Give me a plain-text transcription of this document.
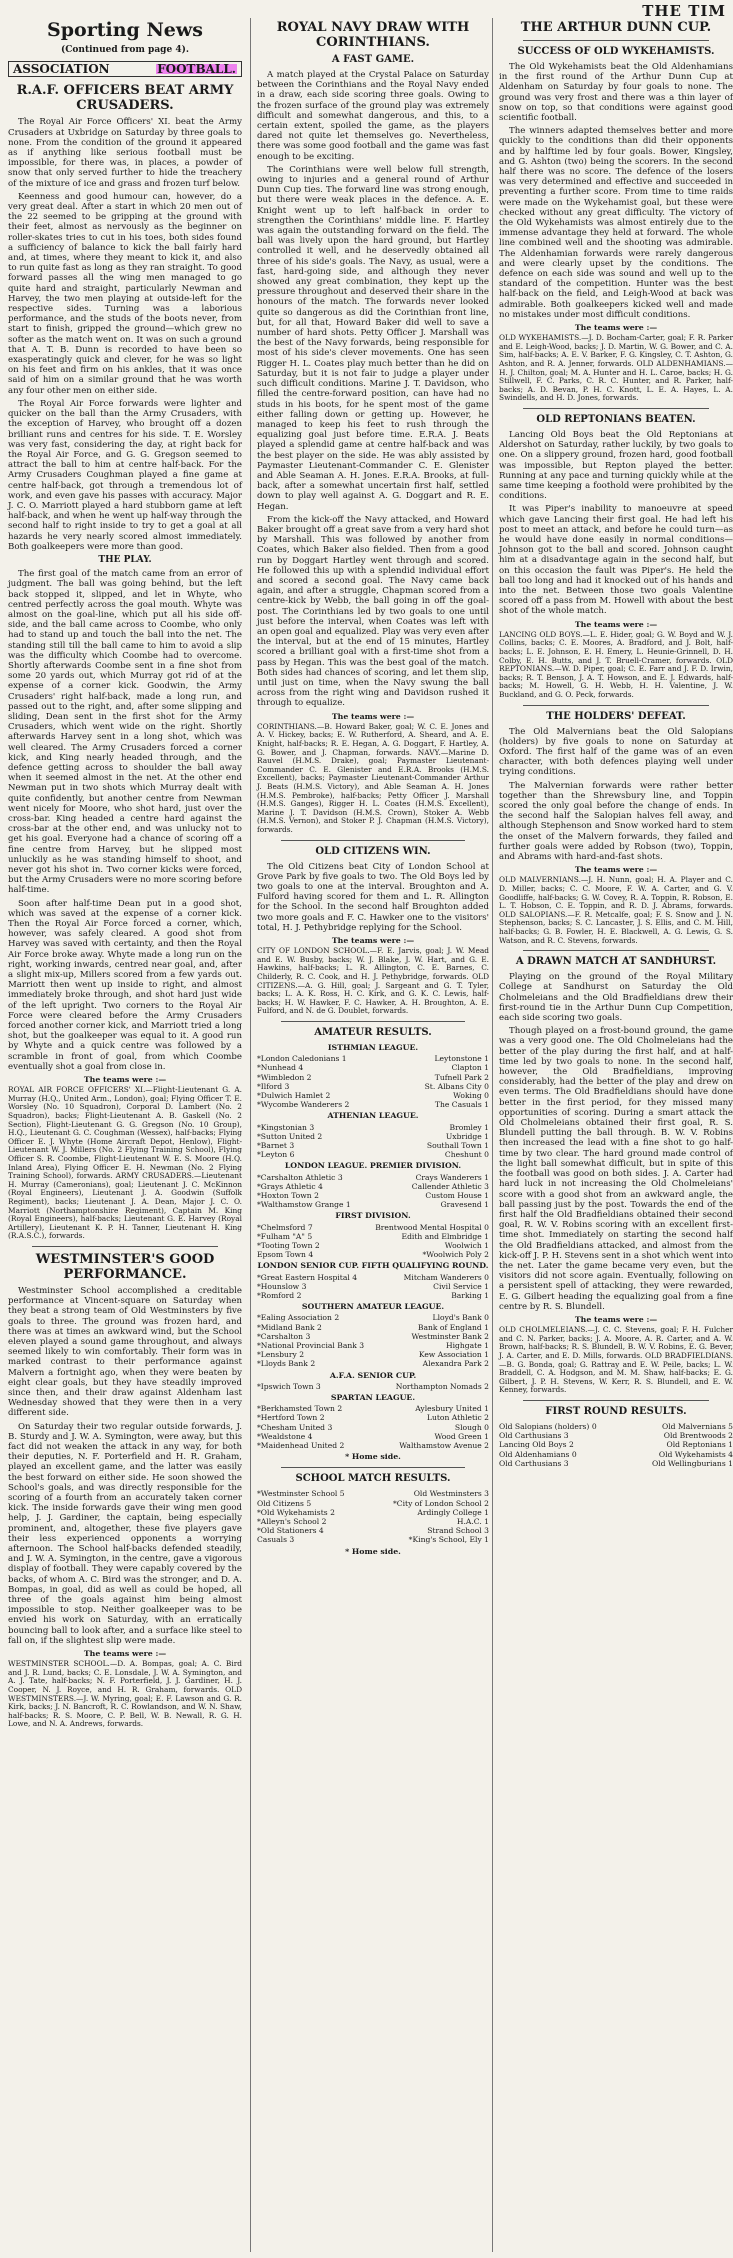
THE TIM
Sporting News
(Continued from page 4).
ASSOCIATION	FOOTBALL.
R.A.F. OFFICERS BEAT ARMY CRUSADERS.

The Royal Air Force Officers' XI. beat the Army Crusaders at Uxbridge on Saturday by three goals to none. From the condition of the ground it appeared as if anything like serious football must be impossible, for there was, in places, a powder of snow that only served further to hide the treachery of the mixture of ice and grass and frozen turf below.

Keenness and good humour can, however, do a very great deal. After a start in which 20 men out of the 22 seemed to be gripping at the ground with their feet, almost as nervously as the beginner on roller-skates tries to cut in his toes, both sides found a sufficiency of balance to kick the ball fairly hard and, at times, where they meant to kick it, and also to run quite fast as long as they ran straight. To good forward passes all the wing men managed to go quite hard and straight, particularly Newman and Harvey, the two men playing at outside-left for the respective sides. Turning was a laborious performance, and the studs of the boots never, from start to finish, gripped the ground—which grew no softer as the match went on. It was on such a ground that A. T. B. Dunn is recorded to have been so exasperatingly quick and clever, for he was so light on his feet and firm on his ankles, that it was once said of him on a similar ground that he was worth any four other men on either side.

The Royal Air Force forwards were lighter and quicker on the ball than the Army Crusaders, with the exception of Harvey, who brought off a dozen brilliant runs and centres for his side. T. E. Worsley was very fast, considering the day, at right back for the Royal Air Force, and G. G. Gregson seemed to attract the ball to him at centre half-back. For the Army Crusaders Coughman played a fine game at centre half-back, got through a tremendous lot of work, and even gave his passes with accuracy. Major J. C. O. Marriott played a hard stubborn game at left half-back, and when he went up half-way through the second half to right inside to try to get a goal at all hazards he very nearly scored almost immediately. Both goalkeepers were more than good.

THE PLAY.

The first goal of the match came from an error of judgment. The ball was going behind, but the left back stopped it, slipped, and let in Whyte, who centred perfectly across the goal mouth. Whyte was almost on the goal-line, which put all his side off-side, and the ball came across to Coombe, who only had to stand up and touch the ball into the net. The standing still till the ball came to him to avoid a slip was the difficulty which Coombe had to overcome. Shortly afterwards Coombe sent in a fine shot from some 20 yards out, which Murray got rid of at the expense of a corner kick. Goodwin, the Army Crusaders' right half-back, made a long run, and passed out to the right, and, after some slipping and sliding, Dean sent in the first shot for the Army Crusaders, which went wide on the right. Shortly afterwards Harvey sent in a long shot, which was well cleared. The Army Crusaders forced a corner kick, and King nearly headed through, and the defence getting across to shoulder the ball away when it seemed almost in the net. At the other end Newman put in two shots which Murray dealt with quite confidently, but another centre from Newman went nicely for Moore, who shot hard, just over the cross-bar. King headed a centre hard against the cross-bar at the other end, and was unlucky not to get his goal. Everyone had a chance of scoring off a fine centre from Harvey, but he slipped most unluckily as he was standing himself to shoot, and never got his shot in. Two corner kicks were forced, but the Army Crusaders were no more scoring before half-time.

Soon after half-time Dean put in a good shot, which was saved at the expense of a corner kick. Then the Royal Air Force forced a corner, which, however, was safely cleared. A good shot from Harvey was saved with certainty, and then the Royal Air Force broke away. Whyte made a long run on the right, working inwards, centred near goal, and, after a slight mix-up, Millers scored from a few yards out. Marriott then went up inside to right, and almost immediately broke through, and shot hard just wide of the left upright. Two corners to the Royal Air Force were cleared before the Army Crusaders forced another corner kick, and Marriott tried a long shot, but the goalkeeper was equal to it. A good run by Whyte and a quick centre was followed by a scramble in front of goal, from which Coombe eventually shot a goal from close in.

The teams were :—
ROYAL AIR FORCE OFFICERS' XI.—Flight-Lieutenant G. A. Murray (H.Q., United Arm., London), goal; Flying Officer T. E. Worsley (No. 10 Squadron), Corporal D. Lambert (No. 2 Squadron), backs; Flight-Lieutenant A. B. Gaskell (No. 2 Section), Flight-Lieutenant G. G. Gregson (No. 10 Group), H.Q., Lieutenant G. C. Coughman (Wessex), half-backs; Flying Officer E. J. Whyte (Home Aircraft Depot, Henlow), Flight-Lieutenant W. J. Millers (No. 2 Flying Training School), Flying Officer S. R. Coombe, Flight-Lieutenant W. E. S. Moore (H.Q. Inland Area), Flying Officer E. H. Newman (No. 2 Flying Training School), forwards. ARMY CRUSADERS.—Lieutenant H. Murray (Cameronians), goal; Lieutenant J. C. McKinnon (Royal Engineers), Lieutenant J. A. Goodwin (Suffolk Regiment), backs; Lieutenant J. A. Dean, Major J. C. O. Marriott (Northamptonshire Regiment), Captain M. King (Royal Engineers), half-backs; Lieutenant G. E. Harvey (Royal Artillery), Lieutenant K. P. H. Tanner, Lieutenant H. King (R.A.S.C.), forwards.
WESTMINSTER'S GOOD PERFORMANCE.

Westminster School accomplished a creditable performance at Vincent-square on Saturday when they beat a strong team of Old Westminsters by five goals to three. The ground was frozen hard, and there was at times an awkward wind, but the School eleven played a sound game throughout, and always seemed likely to win comfortably. Their form was in marked contrast to their performance against Malvern a fortnight ago, when they were beaten by eight clear goals, but they have steadily improved since then, and their draw against Aldenham last Wednesday showed that they were then in a very different side.

On Saturday their two regular outside forwards, J. B. Sturdy and J. W. A. Symington, were away, but this fact did not weaken the attack in any way, for both their deputies, N. F. Porterfield and H. R. Graham, played an excellent game, and the latter was easily the best forward on either side. He soon showed the School's goals, and was directly responsible for the scoring of a fourth from an accurately taken corner kick. The inside forwards gave their wing men good help, J. J. Gardiner, the captain, being especially prominent, and, altogether, these five players gave their less experienced opponents a worrying afternoon. The School half-backs defended steadily, and J. W. A. Symington, in the centre, gave a vigorous display of football. They were capably covered by the backs, of whom A. C. Bird was the stronger, and D. A. Bompas, in goal, did as well as could be hoped, all three of the goals against him being almost impossible to stop. Neither goalkeeper was to be envied his work on Saturday, with an erratically bouncing ball to look after, and a surface like steel to fall on, if the slightest slip were made.

The teams were :—
WESTMINSTER SCHOOL.—D. A. Bompas, goal; A. C. Bird and J. R. Lund, backs; C. E. Lonsdale, J. W. A. Symington, and A. J. Tate, half-backs; N. F. Porterfield, J. J. Gardiner, H. J. Cooper, N. J. Royce, and H. R. Graham, forwards. OLD WESTMINSTERS.—J. W. Myring, goal; E. F. Lawson and G. R. Kirk, backs; J. N. Bancroft, R. C. Rowlandson, and W. N. Shaw, half-backs; R. S. Moore, C. P. Bell, W. B. Newall, R. G. H. Lowe, and N. A. Andrews, forwards.
ROYAL NAVY DRAW WITH CORINTHIANS.
A FAST GAME.

A match played at the Crystal Palace on Saturday between the Corinthians and the Royal Navy ended in a draw, each side scoring three goals. Owing to the frozen surface of the ground play was extremely difficult and somewhat dangerous, and this, to a certain extent, spoiled the game, as the players dared not quite let themselves go. Nevertheless, there was some good football and the game was fast enough to be exciting.

The Corinthians were well below full strength, owing to injuries and a general round of Arthur Dunn Cup ties. The forward line was strong enough, but there were weak places in the defence. A. E. Knight went up to left half-back in order to strengthen the Corinthians' middle line. F. Hartley was again the outstanding forward on the field. The ball was lively upon the hard ground, but Hartley controlled it well, and he deservedly obtained all three of his side's goals. The Navy, as usual, were a fast, hard-going side, and although they never showed any great combination, they kept up the pressure throughout and deserved their share in the honours of the match. The forwards never looked quite so dangerous as did the Corinthian front line, but, for all that, Howard Baker did well to save a number of hard shots. Petty Officer J. Marshall was the best of the Navy forwards, being responsible for most of his side's clever movements. One has seen Rigger H. L. Coates play much better than he did on Saturday, but it is not fair to judge a player under such difficult conditions. Marine J. T. Davidson, who filled the centre-forward position, can have had no studs in his boots, for he spent most of the game either falling down or getting up. However, he managed to keep his feet to rush through the equalizing goal just before time. E.R.A. J. Beats played a splendid game at centre half-back and was the best player on the side. He was ably assisted by Paymaster Lieutenant-Commander C. E. Glenister and Able Seaman A. H. Jones. E.R.A. Brooks, at full-back, after a somewhat uncertain first half, settled down to play well against A. G. Doggart and R. E. Hegan.

From the kick-off the Navy attacked, and Howard Baker brought off a great save from a very hard shot by Marshall. This was followed by another from Coates, which Baker also fielded. Then from a good run by Doggart Hartley went through and scored. He followed this up with a splendid individual effort and scored a second goal. The Navy came back again, and after a struggle, Chapman scored from a centre-kick by Webb, the ball going in off the goal-post. The Corinthians led by two goals to one until just before the interval, when Coates was left with an open goal and equalized. Play was very even after the interval, but at the end of 15 minutes, Hartley scored a brilliant goal with a first-time shot from a pass by Hegan. This was the best goal of the match. Both sides had chances of scoring, and let them slip, until just on time, when the Navy swung the ball across from the right wing and Davidson rushed it through to equalize.

The teams were :—
CORINTHIANS.—B. Howard Baker, goal; W. C. E. Jones and A. V. Hickey, backs; E. W. Rutherford, A. Sheard, and A. E. Knight, half-backs; R. E. Hegan, A. G. Doggart, F. Hartley, A. G. Bower, and J. Chapman, forwards. NAVY.—Marine D. Rauvel (H.M.S. Drake), goal; Paymaster Lieutenant-Commander C. E. Glenister and E.R.A. Brooks (H.M.S. Excellent), backs; Paymaster Lieutenant-Commander Arthur J. Beats (H.M.S. Victory), and Able Seaman A. H. Jones (H.M.S. Pembroke), half-backs; Petty Officer J. Marshall (H.M.S. Ganges), Rigger H. L. Coates (H.M.S. Excellent), Marine J. T. Davidson (H.M.S. Crown), Stoker A. Webb (H.M.S. Vernon), and Stoker P. J. Chapman (H.M.S. Victory), forwards.
OLD CITIZENS WIN.

The Old Citizens beat City of London School at Grove Park by five goals to two. The Old Boys led by two goals to one at the interval. Broughton and A. Fulford having scored for them and L. R. Allington for the School. In the second half Broughton added two more goals and F. C. Hawker one to the visitors' total, H. J. Pethybridge replying for the School.

The teams were :—
CITY OF LONDON SCHOOL.—F. E. Jarvis, goal; J. W. Mead and E. W. Busby, backs; W. J. Blake, J. W. Hart, and G. E. Hawkins, half-backs; L. R. Allington, C. E. Barnes, C. Childerly, R. C. Cook, and H. J. Pethybridge, forwards. OLD CITIZENS.—A. G. Hill, goal; J. Sargeant and G. T. Tyler, backs; L. A. K. Ross, H. C. Kirk, and G. K. C. Lewis, half-backs; H. W. Hawker, F. C. Hawker, A. H. Broughton, A. E. Fulford, and N. de G. Doublet, forwards.
AMATEUR RESULTS.
ISTHMIAN LEAGUE.
*London Caledonians 1	Leytonstone 1
*Nunhead 4	Clapton 1
*Wimbledon 2	Tufnell Park 2
*Ilford 3	St. Albans City 0
*Dulwich Hamlet 2	Woking 0
*Wycombe Wanderers 2	The Casuals 1
ATHENIAN LEAGUE.
*Kingstonian 3	Bromley 1
*Sutton United 2	Uxbridge 1
*Barnet 3	Southall Town 1
*Leyton 6	Cheshunt 0
LONDON LEAGUE. PREMIER DIVISION.
*Carshalton Athletic 3	Crays Wanderers 1
*Grays Athletic 4	Callender Athletic 3
*Hoxton Town 2	Custom House 1
*Walthamstow Grange 1	Gravesend 1
FIRST DIVISION.
*Chelmsford 7	Brentwood Mental Hospital 0
*Fulham "A" 5	Edith and Elmbridge 1
*Tooting Town 2	Woolwich 1
Epsom Town 4	*Woolwich Poly 2
LONDON SENIOR CUP. FIFTH QUALIFYING ROUND.
*Great Eastern Hospital 4	Mitcham Wanderers 0
*Hounslow 3	Civil Service 1
*Romford 2	Barking 1
SOUTHERN AMATEUR LEAGUE.
*Ealing Association 2	Lloyd's Bank 0
*Midland Bank 2	Bank of England 1
*Carshalton 3	Westminster Bank 2
*National Provincial Bank 3	Highgate 1
*Lensbury 2	Kew Association 1
*Lloyds Bank 2	Alexandra Park 2
A.F.A. SENIOR CUP.
*Ipswich Town 3	Northampton Nomads 2
SPARTAN LEAGUE.
*Berkhamsted Town 2	Aylesbury United 1
*Hertford Town 2	Luton Athletic 2
*Chesham United 3	Slough 0
*Wealdstone 4	Wood Green 1
*Maidenhead United 2	Walthamstow Avenue 2
* Home side.
SCHOOL MATCH RESULTS.
*Westminster School 5	Old Westminsters 3
Old Citizens 5	*City of London School 2
*Old Wykehamists 2	Ardingly College 1
*Alleyn's School 2	H.A.C. 1
*Old Stationers 4	Strand School 3
Casuals 3	*King's School, Ely 1
* Home side.
THE ARTHUR DUNN CUP.
SUCCESS OF OLD WYKEHAMISTS.

The Old Wykehamists beat the Old Aldenhamians in the first round of the Arthur Dunn Cup at Aldenham on Saturday by four goals to none. The ground was very frost and there was a thin layer of snow on top, so that conditions were against good scientific football.

The winners adapted themselves better and more quickly to the conditions than did their opponents and by halftime led by four goals. Bower, Kingsley, and G. Ashton (two) being the scorers. In the second half there was no score. The defence of the losers was very determined and effective and succeeded in preventing a further score. From time to time raids were made on the Wykehamist goal, but these were checked without any great difficulty. The victory of the Old Wykehamists was almost entirely due to the immense advantage they held at forward. The whole line combined well and the shooting was admirable. The Aldenhamian forwards were rarely dangerous and were clearly upset by the conditions. The defence on each side was sound and well up to the standard of the competition. Hunter was the best half-back on the field, and Leigh-Wood at back was admirable. Both goalkeepers kicked well and made no mistakes under most difficult conditions.

The teams were :—
OLD WYKEHAMISTS.—J. D. Bocham-Carter, goal; F. R. Parker and E. Leigh-Wood, backs; J. D. Martin, W. G. Bower, and C. A. Sim, half-backs; A. E. V. Barker, F. G. Kingsley, C. T. Ashton, G. Ashton, and R. A. Jenner, forwards. OLD ALDENHAMIANS.—H. J. Chilton, goal; M. A. Hunter and H. L. Caroe, backs; H. G. Stillwell, F. C. Parks, C. R. C. Hunter, and R. Parker, half-backs; A. D. Bevan, P. H. C. Knott, L. E. A. Hayes, L. A. Swindells, and H. D. Jones, forwards.
OLD REPTONIANS BEATEN.

Lancing Old Boys beat the Old Reptonians at Aldershot on Saturday, rather luckily, by two goals to one. On a slippery ground, frozen hard, good football was impossible, but Repton played the better. Running at any pace and turning quickly while at the same time keeping a foothold were prohibited by the conditions.

It was Piper's inability to manoeuvre at speed which gave Lancing their first goal. He had left his post to meet an attack, and before he could turn—as he would have done easily in normal conditions—Johnson got to the ball and scored. Johnson caught him at a disadvantage again in the second half, but on this occasion the fault was Piper's. He held the ball too long and had it knocked out of his hands and into the net. Between those two goals Valentine scored off a pass from M. Howell with about the best shot of the whole match.

The teams were :—
LANCING OLD BOYS.—L. E. Hider, goal; G. W. Boyd and W. J. Collins, backs; C. E. Moores, A. Bradford, and J. Bolt, half-backs; L. E. Johnson, E. H. Emery, L. Heunie-Grinnell, D. H. Colby, E. H. Butts, and J. T. Bruell-Cramer, forwards. OLD REPTONIANS.—W. D. Piper, goal; C. E. Farr and J. F. D. Irwin, backs; R. T. Benson, J. A. T. Howson, and E. J. Edwards, half-backs; M. Howell, G. H. Webb, H. H. Valentine, J. W. Buckland, and G. O. Peck, forwards.
THE HOLDERS' DEFEAT.

The Old Malvernians beat the Old Salopians (holders) by five goals to none on Saturday at Oxford. The first half of the game was of an even character, with both defences playing well under trying conditions.

The Malvernian forwards were rather better together than the Shrewsbury line, and Toppin scored the only goal before the change of ends. In the second half the Salopian halves fell away, and although Stephenson and Snow worked hard to stem the onset of the Malvern forwards, they failed and further goals were added by Robson (two), Toppin, and Abrams with hard-and-fast shots.

The teams were :—
OLD MALVERNIANS.—J. H. Nunn, goal; H. A. Player and C. D. Miller, backs; C. C. Moore, F. W. A. Carter, and G. V. Goodliffe, half-backs; G. W. Covey, R. A. Toppin, R. Robson, E. L. T. Hobson, C. E. Toppin, and R. D. J. Abrams, forwards. OLD SALOPIANS.—F. R. Metcalfe, goal; F. S. Snow and J. N. Stephenson, backs; S. C. Lancaster, J. S. Ellis, and C. M. Hill, half-backs; G. B. Fowler, H. E. Blackwell, A. G. Lewis, G. S. Watson, and R. C. Stevens, forwards.
A DRAWN MATCH AT SANDHURST.

Playing on the ground of the Royal Military College at Sandhurst on Saturday the Old Cholmeleians and the Old Bradfieldians drew their first-round tie in the Arthur Dunn Cup Competition, each side scoring two goals.

Though played on a frost-bound ground, the game was a very good one. The Old Cholmeleians had the better of the play during the first half, and at half-time led by two goals to none. In the second half, however, the Old Bradfieldians, improving considerably, had the better of the play and drew on even terms. The Old Bradfieldians should have done better in the first period, for they missed many opportunities of scoring. During a smart attack the Old Cholmeleians obtained their first goal, R. S. Blundell putting the ball through. B. W. V. Robins then increased the lead with a fine shot to go half-time by two clear. The hard ground made control of the light ball somewhat difficult, but in spite of this the football was good on both sides. J. A. Carter had hard luck in not increasing the Old Cholmeleians' score with a good shot from an awkward angle, the ball passing just by the post. Towards the end of the first half the Old Bradfieldians obtained their second goal, R. W. V. Robins scoring with an excellent first-time shot. Immediately on starting the second half the Old Bradfieldians attacked, and almost from the kick-off J. P. H. Stevens sent in a shot which went into the net. Later the game became very even, but the visitors did not score again. Eventually, following on a persistent spell of attacking, they were rewarded, E. G. Gilbert heading the equalizing goal from a fine centre by R. S. Blundell.

The teams were :—
OLD CHOLMELEIANS.—J. C. C. Stevens, goal; F. H. Fulcher and C. N. Parker, backs; J. A. Moore, A. R. Carter, and A. W. Brown, half-backs; R. S. Blundell, B. W. V. Robins, E. G. Bever, J. A. Carter, and E. D. Mills, forwards. OLD BRADFIELDIANS.—B. G. Bonda, goal; G. Rattray and E. W. Peile, backs; L. W. Braddell, C. A. Hodgson, and M. M. Shaw, half-backs; E. G. Gilbert, J. P. H. Stevens, W. Kerr, R. S. Blundell, and E. W. Kenney, forwards.
FIRST ROUND RESULTS.
Old Salopians (holders) 0	Old Malvernians 5
Old Carthusians 3	Old Brentwoods 2
Lancing Old Boys 2	Old Reptonians 1
Old Aldenhamians 0	Old Wykehamists 4
Old Carthusians 3	Old Wellingburians 1
